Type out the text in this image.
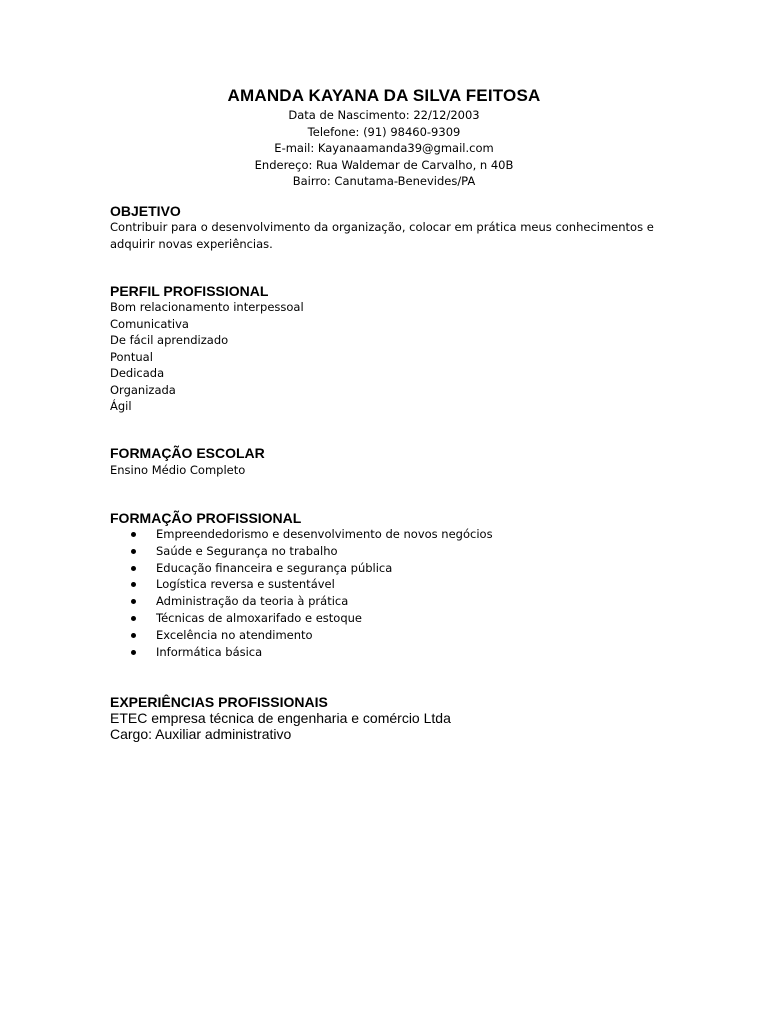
AMANDA KAYANA DA SILVA FEITOSA
Data de Nascimento: 22/12/2003
Telefone: (91) 98460-9309
E-mail: Kayanaamanda39@gmail.com
Endereço: Rua Waldemar de Carvalho, n 40B
Bairro: Canutama-Benevides/PA
OBJETIVO
Contribuir para o desenvolvimento da organização, colocar em prática meus conhecimentos e adquirir novas experiências.
PERFIL PROFISSIONAL
Bom relacionamento interpessoal
Comunicativa
De fácil aprendizado
Pontual
Dedicada
Organizada
Ágil
FORMAÇÃO ESCOLAR
Ensino Médio Completo
FORMAÇÃO PROFISSIONAL
Empreendedorismo e desenvolvimento de novos negócios
Saúde e Segurança no trabalho
Educação financeira e segurança pública
Logística reversa e sustentável
Administração da teoria à prática
Técnicas de almoxarifado e estoque
Excelência no atendimento
Informática básica
EXPERIÊNCIAS PROFISSIONAIS
ETEC empresa técnica de engenharia e comércio Ltda
Cargo: Auxiliar administrativo
